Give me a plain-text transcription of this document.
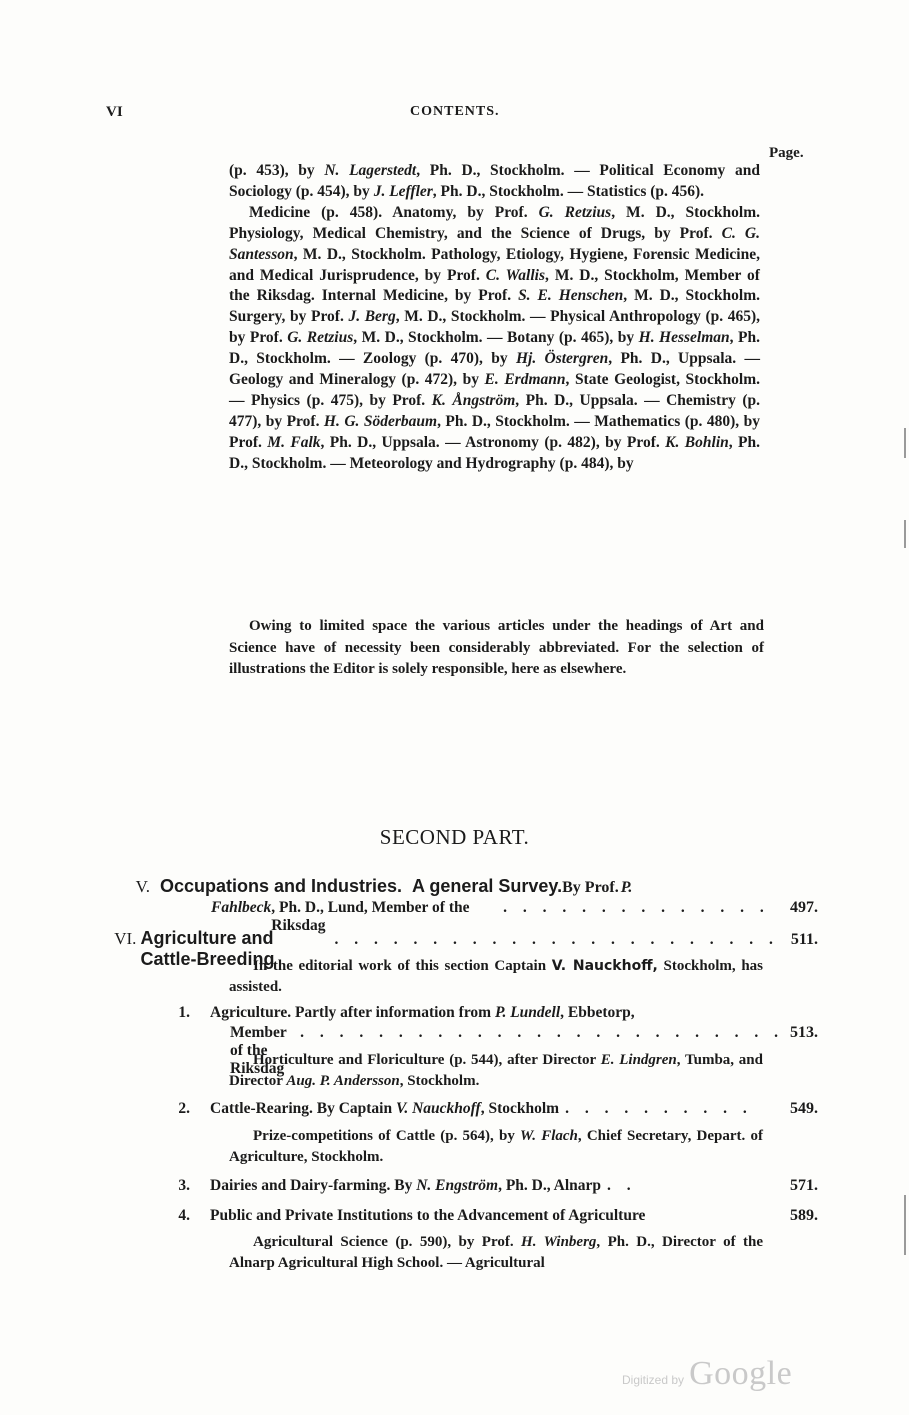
VI	CONTENTS.
Page.

(p. 453), by N. Lagerstedt, Ph. D., Stockholm. — Political Economy and Sociology (p. 454), by J. Leffler, Ph. D., Stockholm. — Statistics (p. 456).

Medicine (p. 458). Anatomy, by Prof. G. Retzius, M. D., Stockholm. Physiology, Medical Chemistry, and the Science of Drugs, by Prof. C. G. Santesson, M. D., Stockholm. Pathology, Etiology, Hygiene, Forensic Medicine, and Medical Jurisprudence, by Prof. C. Wallis, M. D., Stockholm, Member of the Riksdag. Internal Medicine, by Prof. S. E. Henschen, M. D., Stockholm. Surgery, by Prof. J. Berg, M. D., Stockholm. — Physical Anthropology (p. 465), by Prof. G. Retzius, M. D., Stockholm. — Botany (p. 465), by H. Hesselman, Ph. D., Stockholm. — Zoology (p. 470), by Hj. Östergren, Ph. D., Uppsala. — Geology and Mineralogy (p. 472), by E. Erdmann, State Geologist, Stockholm. — Physics (p. 475), by Prof. K. Ångström, Ph. D., Uppsala. — Chemistry (p. 477), by Prof. H. G. Söderbaum, Ph. D., Stockholm. — Mathematics (p. 480), by Prof. M. Falk, Ph. D., Uppsala. — Astronomy (p. 482), by Prof. K. Bohlin, Ph. D., Stockholm. — Meteorology and Hydrography (p. 484), by

Owing to limited space the various articles under the headings of Art and Science have of necessity been considerably abbreviated. For the selection of illustrations the Editor is solely responsible, here as elsewhere.

SECOND PART.
V. Occupations and Industries. A general Survey. By Prof. P.
Fahlbeck , Ph. D., Lund, Member of the Riksdag
. . . . . . . . . . . . . .	497.
VI. Agriculture and Cattle-Breeding
. . . . . . . . . . . . . . . . . . . . . . . 511.

In the editorial work of this section Captain V. Nauckhoff, Stockholm, has assisted.

1. Agriculture. Partly after information from P. Lundell, Ebbetorp,
Member of the Riksdag
. . . . . . . . . . . . . . . . . . . . . . . . . 513.

Horticulture and Floriculture (p. 544), after Director E. Lindgren, Tumba, and Director Aug. P. Andersson, Stockholm.

2. Cattle-Rearing. By Captain V. Nauckhoff, Stockholm . . . . . . . . . .	549.

Prize-competitions of Cattle (p. 564), by W. Flach, Chief Secretary, Depart. of Agriculture, Stockholm.

3. Dairies and Dairy-farming. By N. Engström, Ph. D., Alnarp . .	571.
4. Public and Private Institutions to the Advancement of Agriculture	589.

Agricultural Science (p. 590), by Prof. H. Winberg, Ph. D., Director of the Alnarp Agricultural High School. — Agricultural

Digitized by Google
